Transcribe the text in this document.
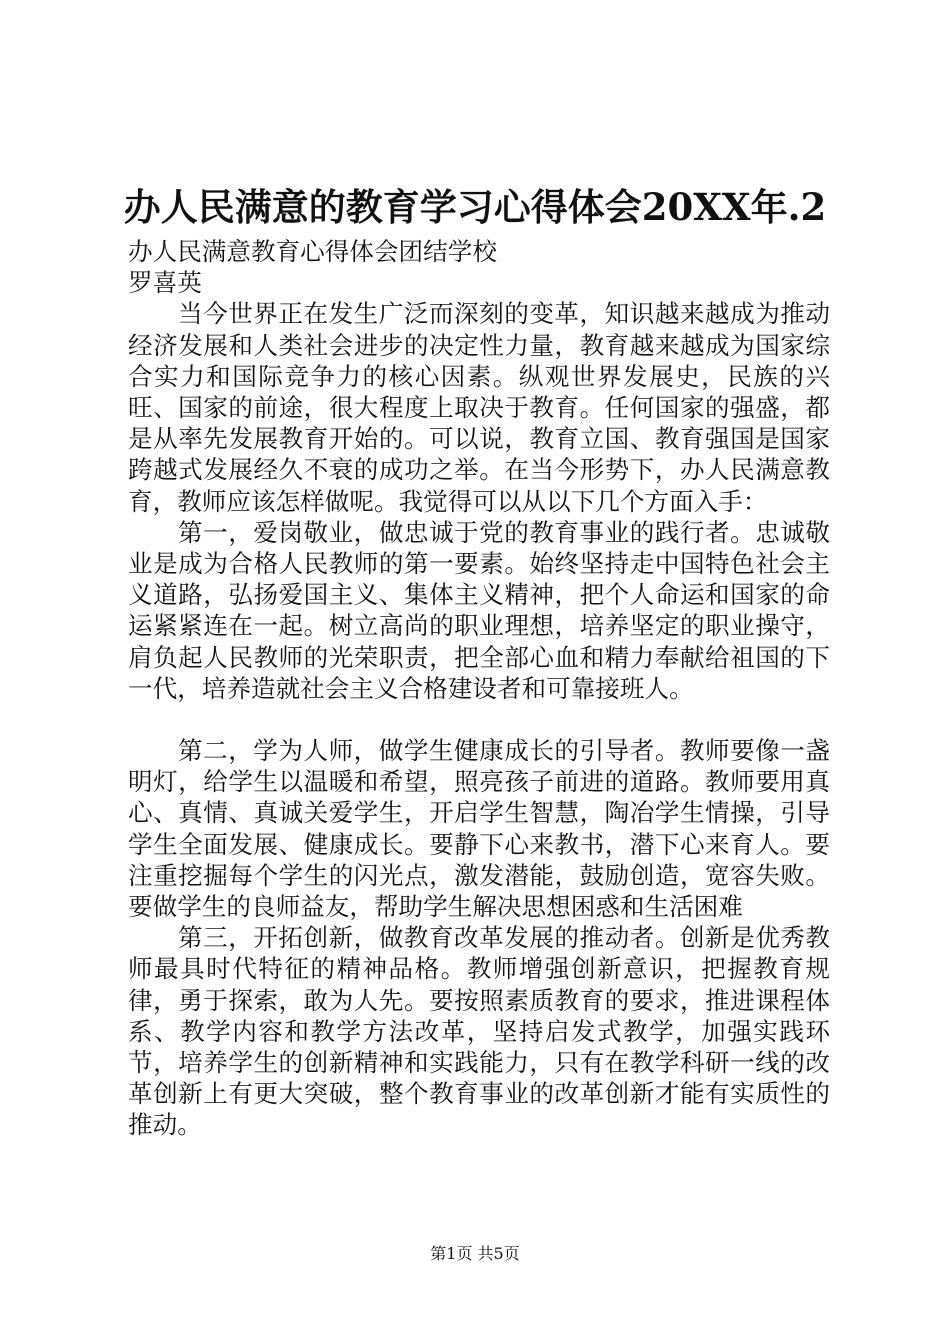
办人民满意的教育学习心得体会20XX年.2

办人民满意教育心得体会团结学校

罗喜英

当今世界正在发生广泛而深刻的变革，知识越来越成为推动经济发展和人类社会进步的决定性力量，教育越来越成为国家综合实力和国际竞争力的核心因素。纵观世界发展史，民族的兴旺、国家的前途，很大程度上取决于教育。任何国家的强盛，都是从率先发展教育开始的。可以说，教育立国、教育强国是国家跨越式发展经久不衰的成功之举。在当今形势下，办人民满意教育，教师应该怎样做呢。我觉得可以从以下几个方面入手：

第一，爱岗敬业，做忠诚于党的教育事业的践行者。忠诚敬业是成为合格人民教师的第一要素。始终坚持走中国特色社会主义道路，弘扬爱国主义、集体主义精神，把个人命运和国家的命运紧紧连在一起。树立高尚的职业理想，培养坚定的职业操守，肩负起人民教师的光荣职责，把全部心血和精力奉献给祖国的下一代，培养造就社会主义合格建设者和可靠接班人。

第二，学为人师，做学生健康成长的引导者。教师要像一盏明灯，给学生以温暖和希望，照亮孩子前进的道路。教师要用真心、真情、真诚关爱学生，开启学生智慧，陶冶学生情操，引导学生全面发展、健康成长。要静下心来教书，潜下心来育人。要注重挖掘每个学生的闪光点，激发潜能，鼓励创造，宽容失败。要做学生的良师益友，帮助学生解决思想困惑和生活困难

第三，开拓创新，做教育改革发展的推动者。创新是优秀教师最具时代特征的精神品格。教师增强创新意识，把握教育规律，勇于探索，敢为人先。要按照素质教育的要求，推进课程体系、教学内容和教学方法改革，坚持启发式教学，加强实践环节，培养学生的创新精神和实践能力，只有在教学科研一线的改革创新上有更大突破，整个教育事业的改革创新才能有实质性的推动。

第1页 共5页
